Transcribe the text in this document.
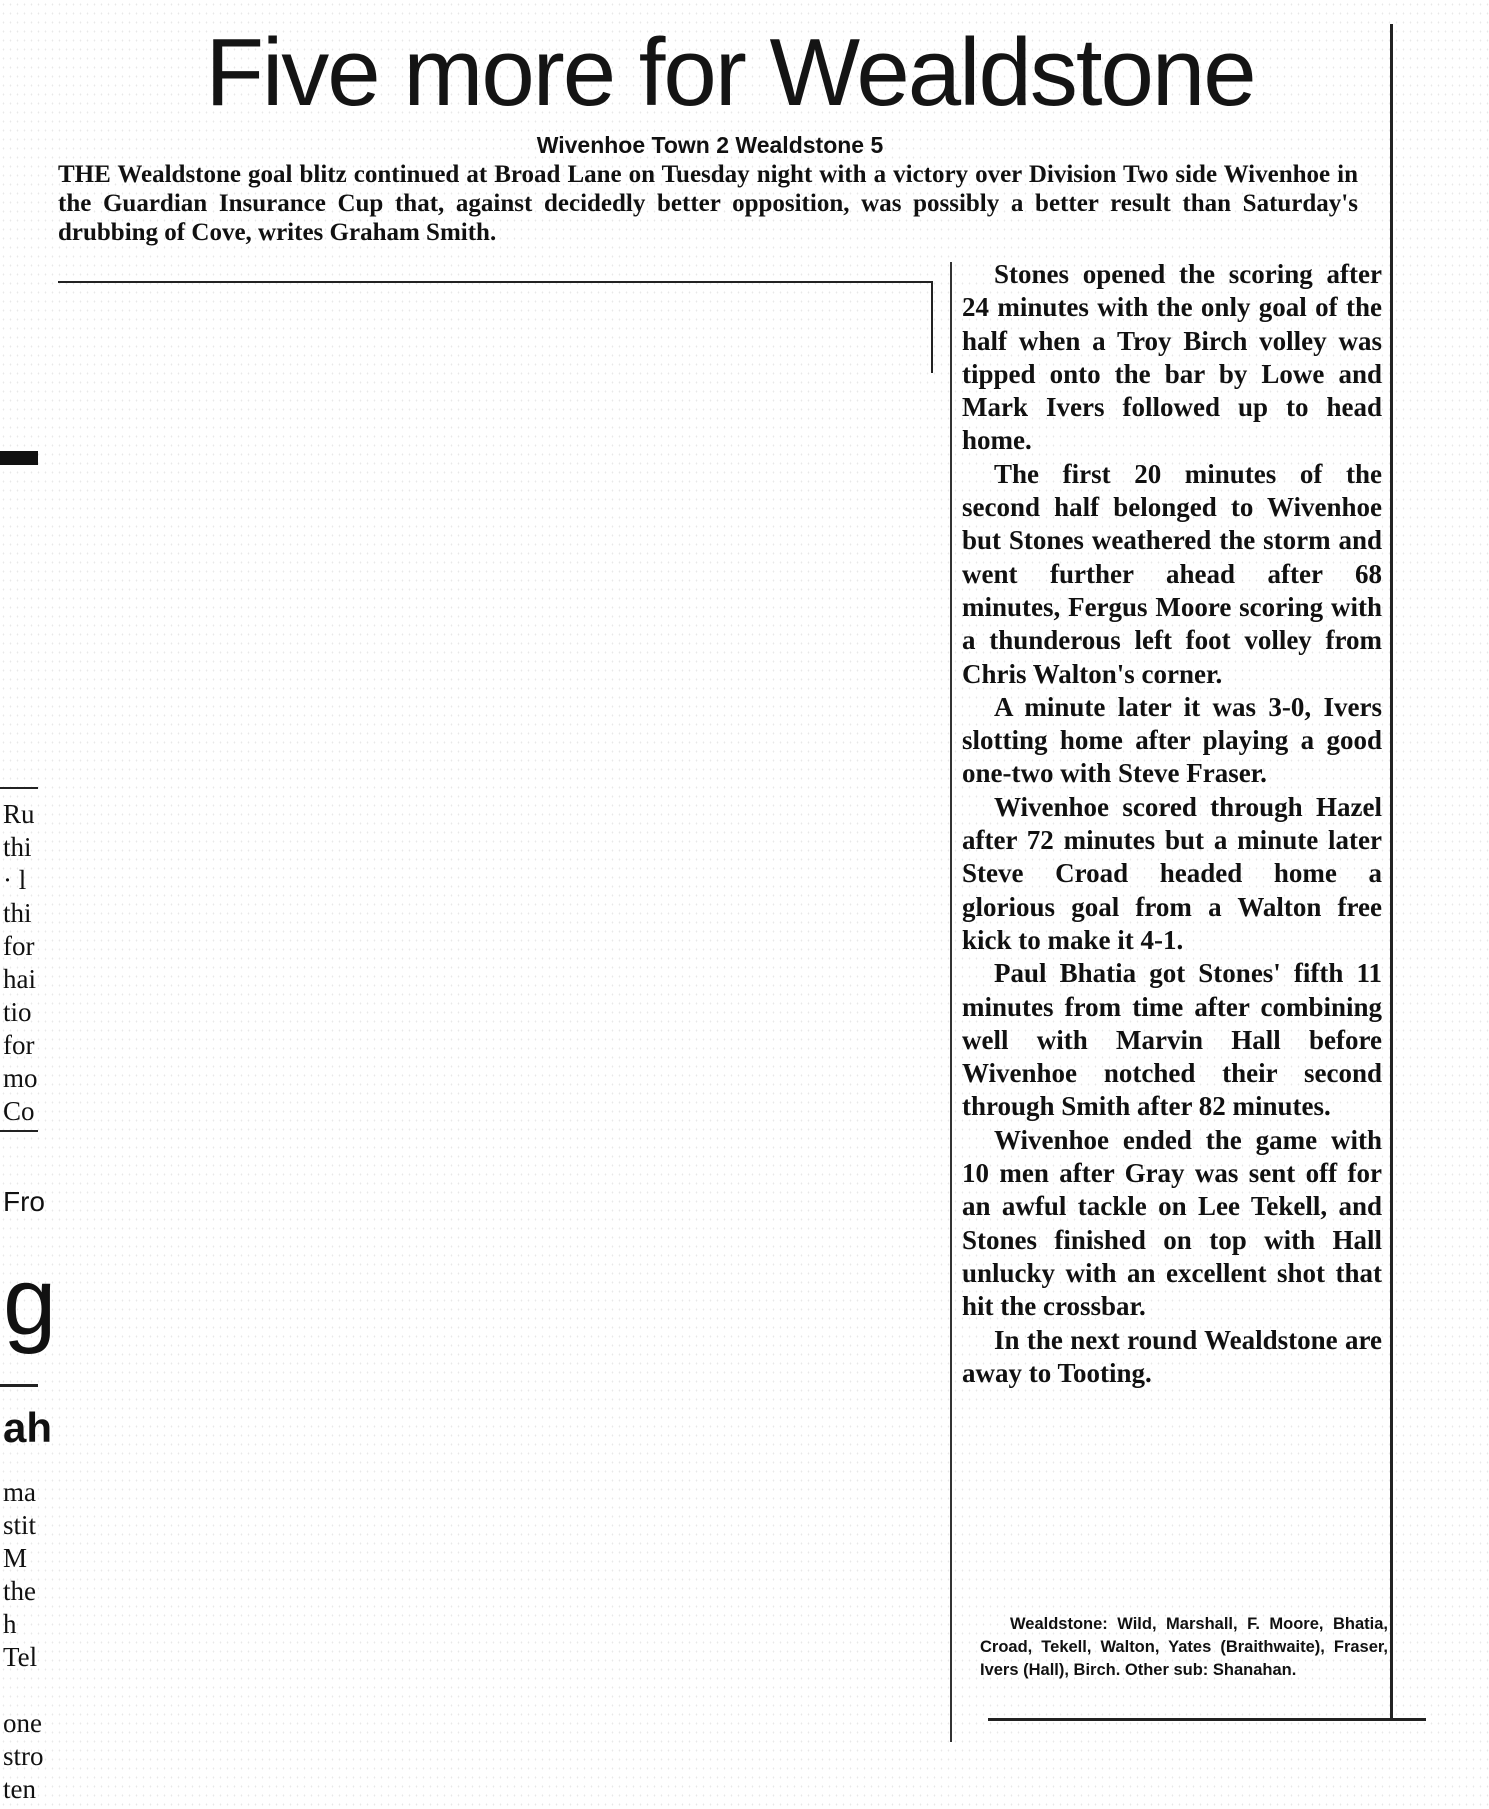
Five more for Wealdstone
Wivenhoe Town 2 Wealdstone 5
THE Wealdstone goal blitz continued at Broad Lane on Tuesday night with a victory over Division Two side Wivenhoe in the Guardian Insurance Cup that, against decidedly better opposition, was possibly a better result than Saturday's drubbing of Cove, writes Graham Smith.

Stones opened the scoring after 24 minutes with the only goal of the half when a Troy Birch volley was tipped onto the bar by Lowe and Mark Ivers followed up to head home.

The first 20 minutes of the second half belonged to Wivenhoe but Stones weathered the storm and went further ahead after 68 minutes, Fergus Moore scoring with a thunderous left foot volley from Chris Walton's corner.

A minute later it was 3-0, Ivers slotting home after playing a good one-two with Steve Fraser.

Wivenhoe scored through Hazel after 72 minutes but a minute later Steve Croad headed home a glorious goal from a Walton free kick to make it 4-1.

Paul Bhatia got Stones' fifth 11 minutes from time after combining well with Marvin Hall before Wivenhoe notched their second through Smith after 82 minutes.

Wivenhoe ended the game with 10 men after Gray was sent off for an awful tackle on Lee Tekell, and Stones finished on top with Hall unlucky with an excellent shot that hit the crossbar.

In the next round Wealdstone are away to Tooting.

Wealdstone: Wild, Marshall, F. Moore, Bhatia, Croad, Tekell, Walton, Yates (Braithwaite), Fraser, Ivers (Hall), Birch. Other sub: Shanahan.
Ru
thi
· l
thi
for
hai
tio
for
mo
Co
Fro
g
ah
ma
stit
M
the
h
Tel
one
stro
ten
